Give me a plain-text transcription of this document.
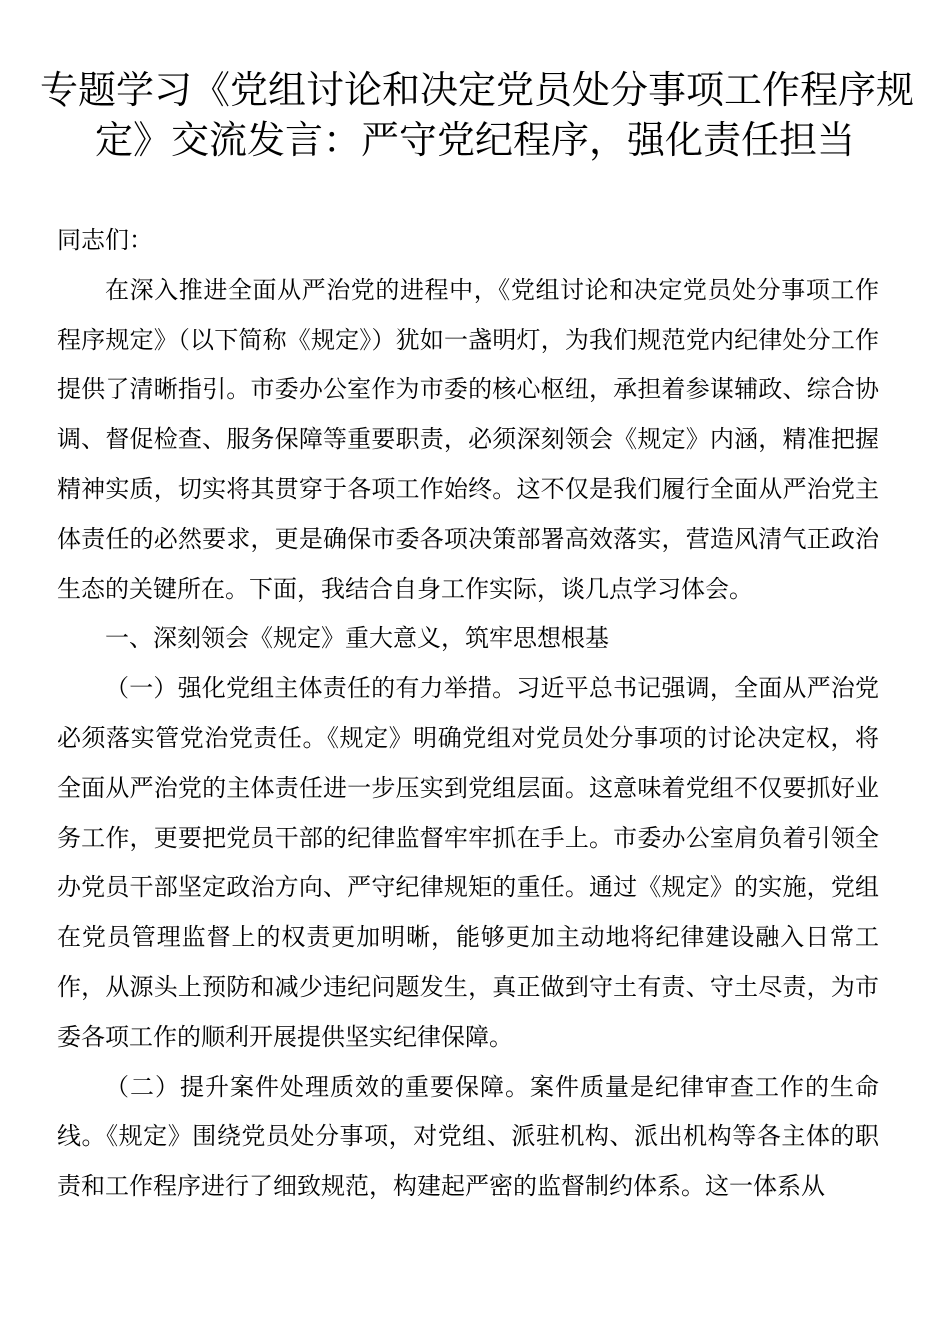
专题学习《党组讨论和决定党员处分事项工作程序规
定》交流发言：严守党纪程序，强化责任担当

同志们：

在深入推进全面从严治党的进程中，《党组讨论和决定党员处分事项工作程序规定》（以下简称《规定》）犹如一盏明灯，为我们规范党内纪律处分工作提供了清晰指引。市委办公室作为市委的核心枢纽，承担着参谋辅政、综合协调、督促检查、服务保障等重要职责，必须深刻领会《规定》内涵，精准把握精神实质，切实将其贯穿于各项工作始终。这不仅是我们履行全面从严治党主体责任的必然要求，更是确保市委各项决策部署高效落实，营造风清气正政治生态的关键所在。下面，我结合自身工作实际，谈几点学习体会。

一、深刻领会《规定》重大意义，筑牢思想根基

（一）强化党组主体责任的有力举措。习近平总书记强调，全面从严治党必须落实管党治党责任。《规定》明确党组对党员处分事项的讨论决定权，将全面从严治党的主体责任进一步压实到党组层面。这意味着党组不仅要抓好业务工作，更要把党员干部的纪律监督牢牢抓在手上。市委办公室肩负着引领全办党员干部坚定政治方向、严守纪律规矩的重任。通过《规定》的实施，党组在党员管理监督上的权责更加明晰，能够更加主动地将纪律建设融入日常工作，从源头上预防和减少违纪问题发生，真正做到守土有责、守土尽责，为市委各项工作的顺利开展提供坚实纪律保障。

（二）提升案件处理质效的重要保障。案件质量是纪律审查工作的生命线。《规定》围绕党员处分事项，对党组、派驻机构、派出机构等各主体的职责和工作程序进行了细致规范，构建起严密的监督制约体系。这一体系从
